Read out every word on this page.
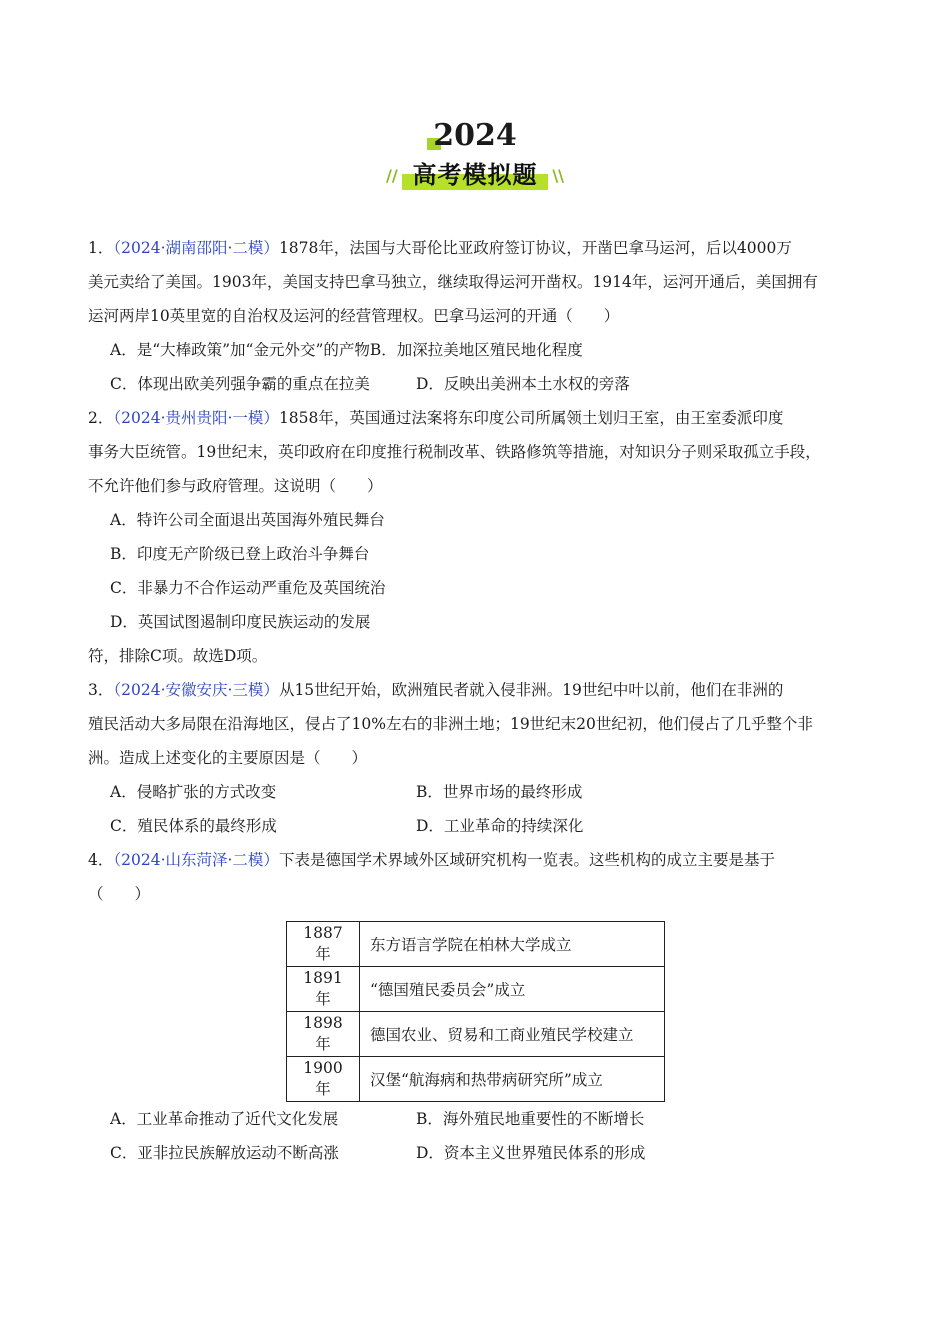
2024
// 高考模拟题 \\

1．（2024·湖南邵阳·二模）1878年，法国与大哥伦比亚政府签订协议，开凿巴拿马运河，后以4000万
美元卖给了美国。1903年，美国支持巴拿马独立，继续取得运河开凿权。1914年，运河开通后，美国拥有
运河两岸10英里宽的自治权及运河的经营管理权。巴拿马运河的开通（　　）

A．是“大棒政策”加“金元外交”的产物 B．加深拉美地区殖民地化程度
C．体现出欧美列强争霸的重点在拉美	D．反映出美洲本土水权的旁落

2．（2024·贵州贵阳·一模）1858年，英国通过法案将东印度公司所属领土划归王室，由王室委派印度
事务大臣统管。19世纪末，英印政府在印度推行税制改革、铁路修筑等措施，对知识分子则采取孤立手段，
不允许他们参与政府管理。这说明（　　）

A．特许公司全面退出英国海外殖民舞台
B．印度无产阶级已登上政治斗争舞台
C．非暴力不合作运动严重危及英国统治
D．英国试图遏制印度民族运动的发展

符，排除C项。故选D项。

3．（2024·安徽安庆·三模）从15世纪开始，欧洲殖民者就入侵非洲。19世纪中叶以前，他们在非洲的
殖民活动大多局限在沿海地区，侵占了10%左右的非洲土地；19世纪末20世纪初，他们侵占了几乎整个非
洲。造成上述变化的主要原因是（　　）

A．侵略扩张的方式改变	B．世界市场的最终形成
C．殖民体系的最终形成	D．工业革命的持续深化

4．（2024·山东菏泽·二模）下表是德国学术界域外区域研究机构一览表。这些机构的成立主要是基于
（　　）

1887年	东方语言学院在柏林大学成立
1891年	“德国殖民委员会”成立
1898年	德国农业、贸易和工商业殖民学校建立
1900年	汉堡“航海病和热带病研究所”成立
A．工业革命推动了近代文化发展	B．海外殖民地重要性的不断增长
C．亚非拉民族解放运动不断高涨	D．资本主义世界殖民体系的形成
